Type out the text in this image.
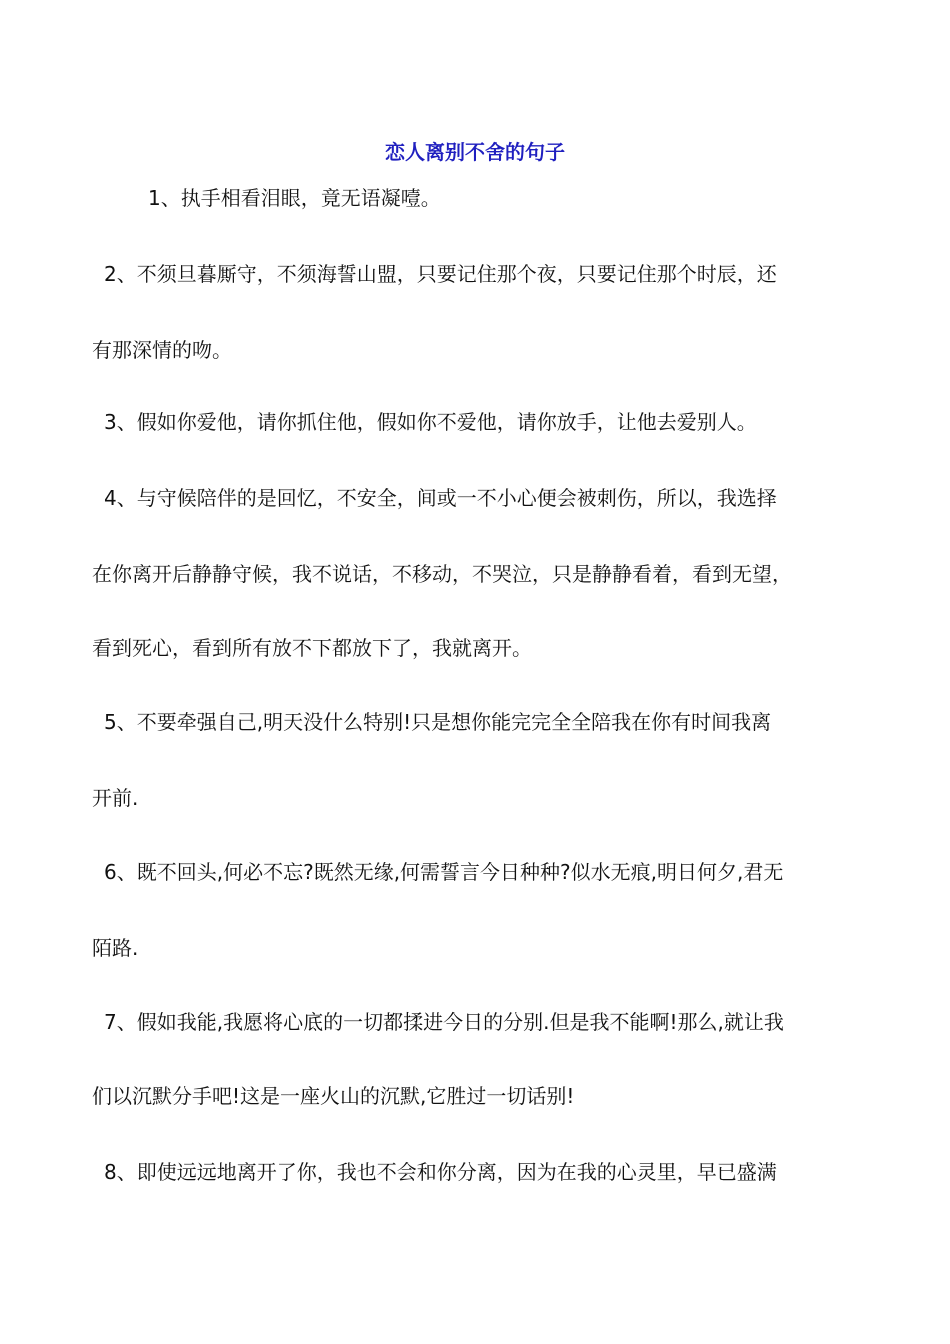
恋人离别不舍的句子
1、执手相看泪眼，竟无语凝噎。
2、不须旦暮厮守，不须海誓山盟，只要记住那个夜，只要记住那个时辰，还
有那深情的吻。
3、假如你爱他，请你抓住他，假如你不爱他，请你放手，让他去爱别人。
4、与守候陪伴的是回忆，不安全，间或一不小心便会被刺伤，所以，我选择
在你离开后静静守候，我不说话，不移动，不哭泣，只是静静看着，看到无望，
看到死心，看到所有放不下都放下了，我就离开。
5、不要牵强自己,明天没什么特别!只是想你能完完全全陪我在你有时间我离
开前.
6、既不回头,何必不忘?既然无缘,何需誓言今日种种?似水无痕,明日何夕,君无
陌路.
7、假如我能,我愿将心底的一切都揉进今日的分别.但是我不能啊!那么,就让我
们以沉默分手吧!这是一座火山的沉默,它胜过一切话别!
8、即使远远地离开了你，我也不会和你分离，因为在我的心灵里，早已盛满
